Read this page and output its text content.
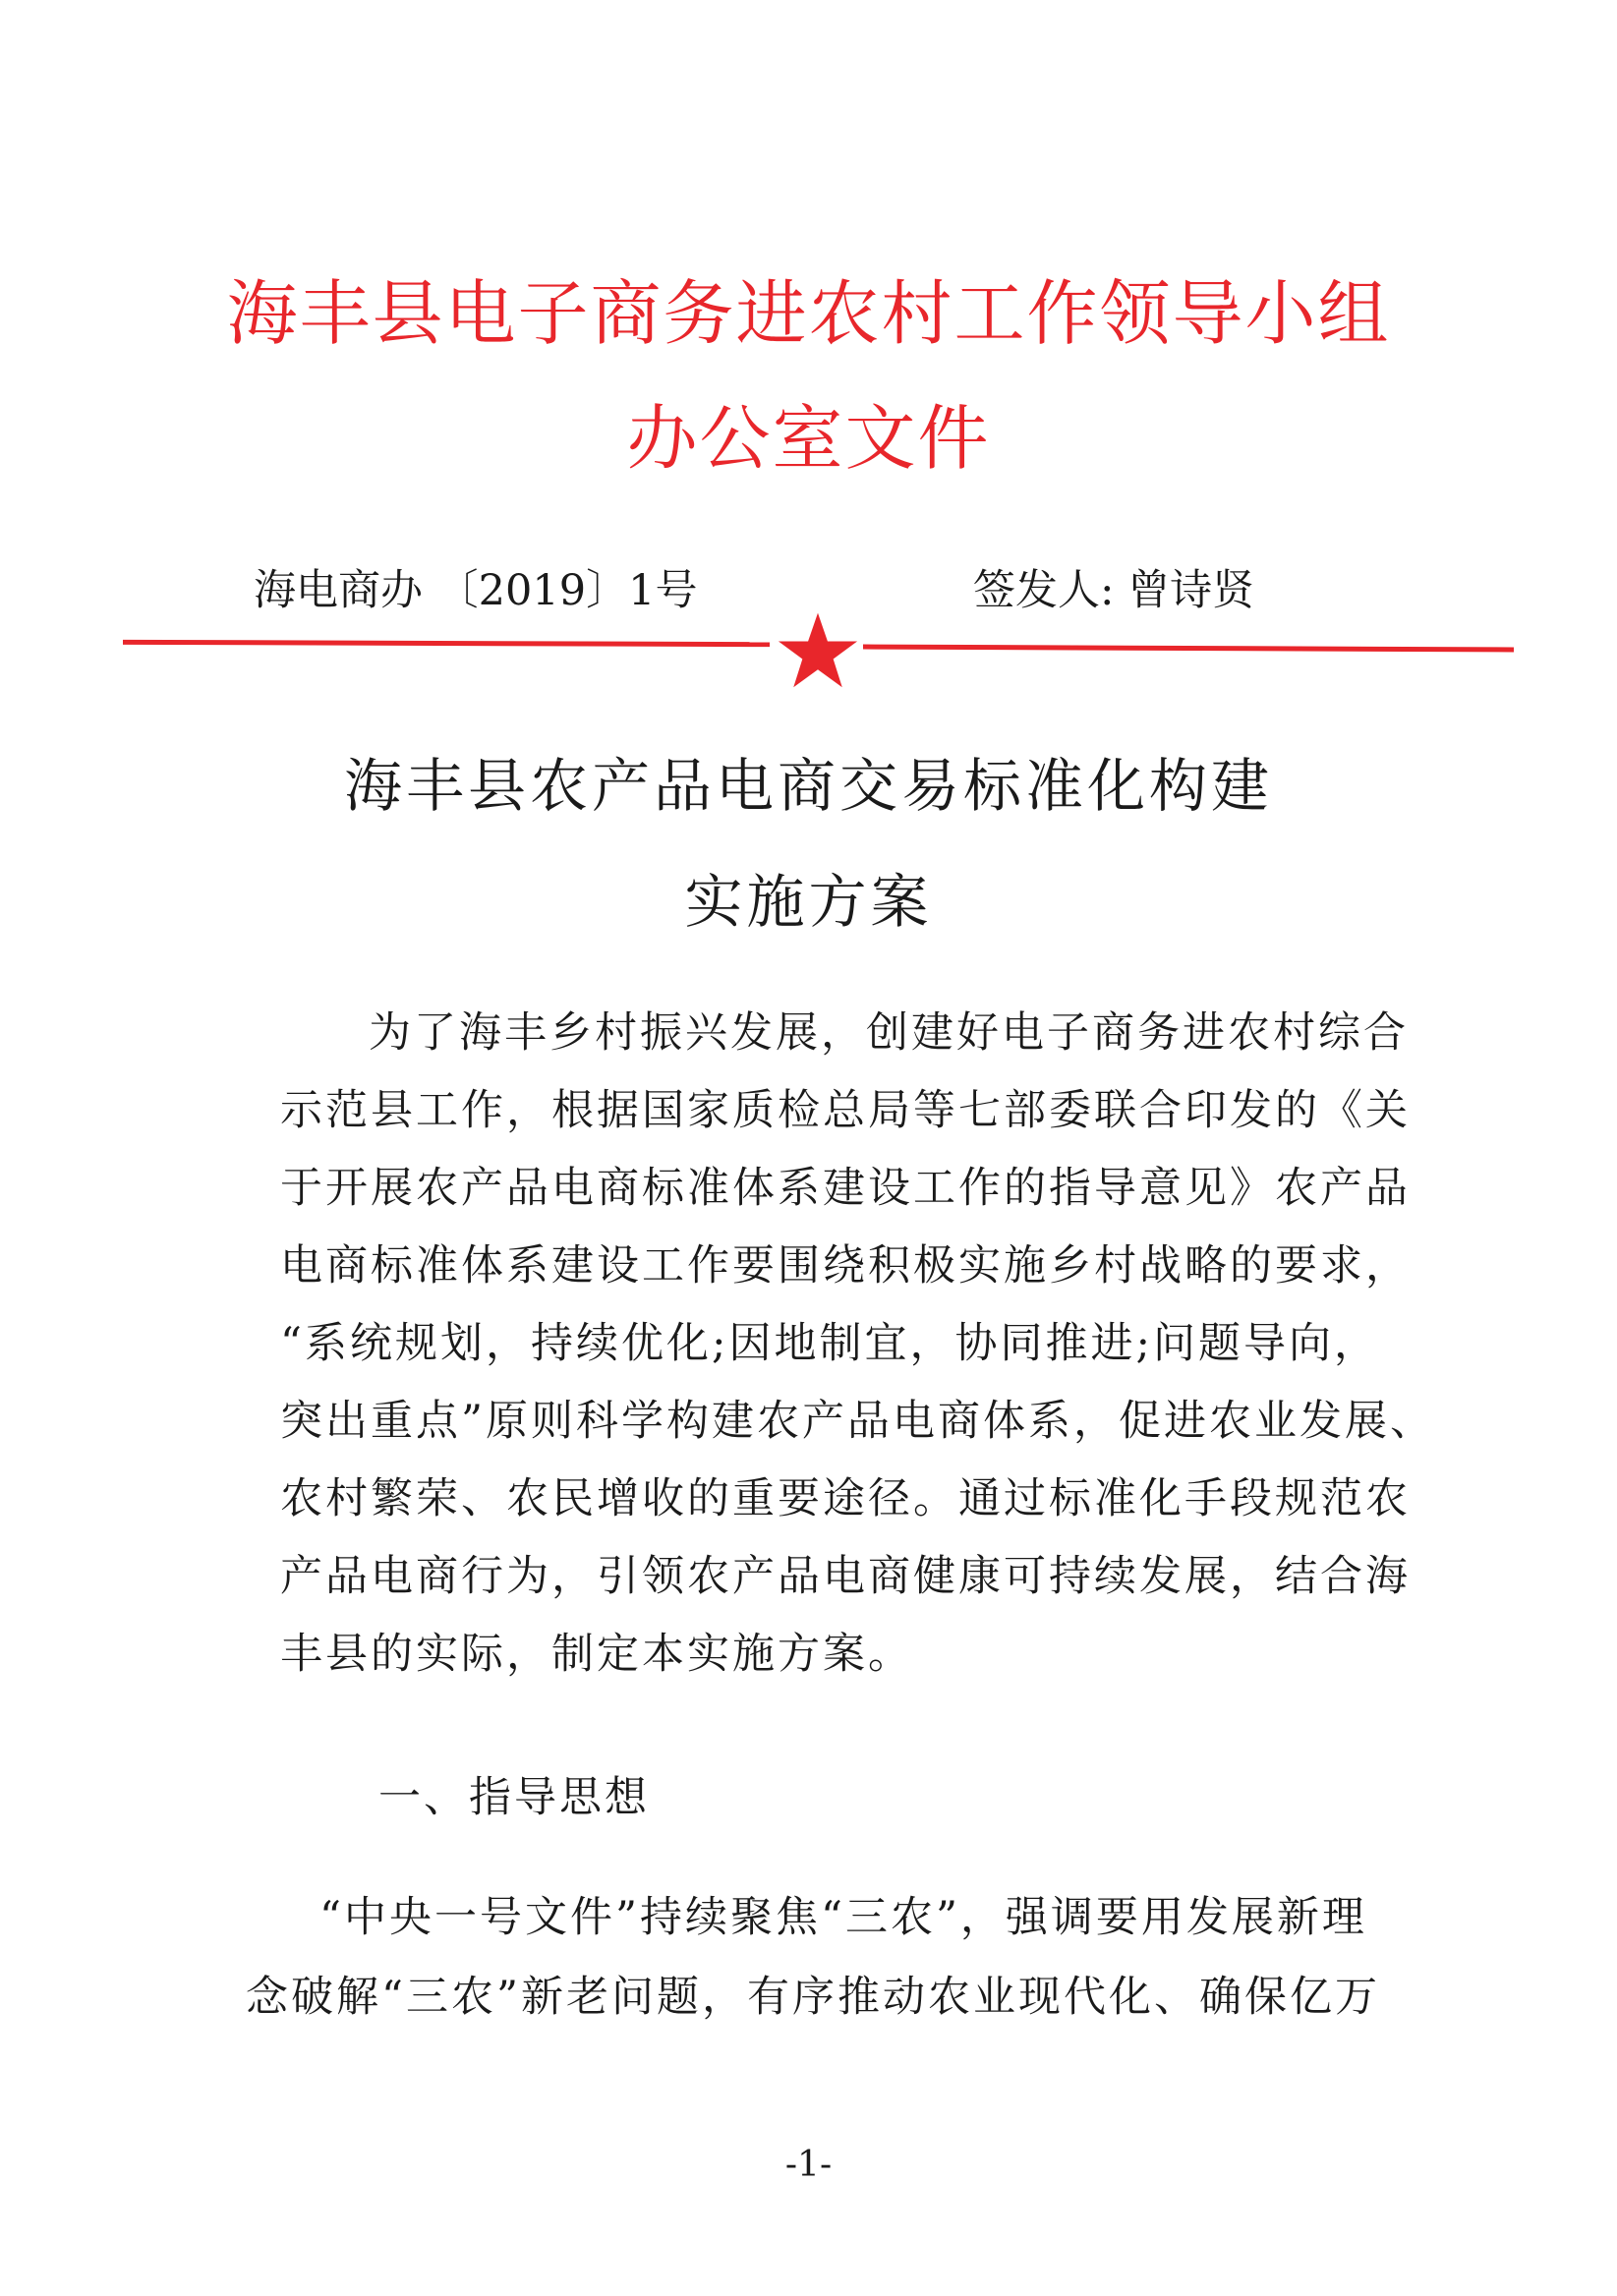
海丰县电子商务进农村工作领导小组
办公室文件
海电商办 〔2019〕1号	签发人: 曾诗贤
海丰县农产品电商交易标准化构建
实施方案
为了海丰乡村振兴发展，创建好电子商务进农村综合
示范县工作，根据国家质检总局等七部委联合印发的《关
于开展农产品电商标准体系建设工作的指导意见》农产品
电商标准体系建设工作要围绕积极实施乡村战略的要求，
“系统规划，持续优化;因地制宜，协同推进;问题导向，
突出重点”原则科学构建农产品电商体系，促进农业发展、
农村繁荣、农民增收的重要途径。通过标准化手段规范农
产品电商行为，引领农产品电商健康可持续发展，结合海
丰县的实际，制定本实施方案。
一、指导思想
“中央一号文件”持续聚焦“三农”，强调要用发展新理
念破解“三农”新老问题，有序推动农业现代化、确保亿万
-1-
